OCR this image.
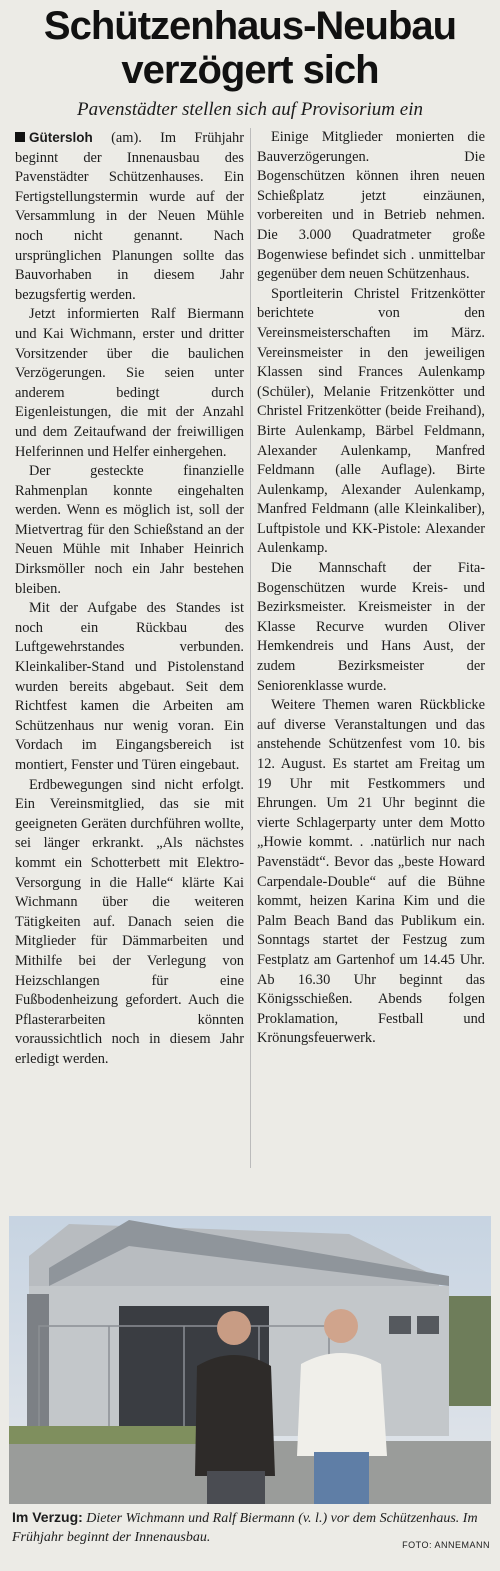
Schützenhaus-Neubau
verzögert sich
Pavenstädter stellen sich auf Provisorium ein

Gütersloh (am). Im Frühjahr beginnt der Innenausbau des Pavenstädter Schützenhauses. Ein Fertigstellungstermin wurde auf der Versammlung in der Neuen Mühle noch nicht genannt. Nach ursprünglichen Planungen sollte das Bauvorhaben in diesem Jahr bezugsfertig werden.

Jetzt informierten Ralf Biermann und Kai Wichmann, erster und dritter Vorsitzender über die baulichen Verzögerungen. Sie seien unter anderem bedingt durch Eigenleistungen, die mit der Anzahl und dem Zeitaufwand der freiwilligen Helferinnen und Helfer einhergehen.

Der gesteckte finanzielle Rahmenplan konnte eingehalten werden. Wenn es möglich ist, soll der Mietvertrag für den Schießstand an der Neuen Mühle mit Inhaber Heinrich Dirksmöller noch ein Jahr bestehen bleiben.

Mit der Aufgabe des Standes ist noch ein Rückbau des Luftgewehrstandes verbunden. Kleinkaliber-Stand und Pistolenstand wurden bereits abgebaut. Seit dem Richtfest kamen die Arbeiten am Schützenhaus nur wenig voran. Ein Vordach im Eingangsbereich ist montiert, Fenster und Türen eingebaut.

Erdbewegungen sind nicht erfolgt. Ein Vereinsmitglied, das sie mit geeigneten Geräten durchführen wollte, sei länger erkrankt. „Als nächstes kommt ein Schotterbett mit Elektro-Versorgung in die Halle“ klärte Kai Wichmann über die weiteren Tätigkeiten auf. Danach seien die Mitglieder für Dämmarbeiten und Mithilfe bei der Verlegung von Heizschlangen für eine Fußbodenheizung gefordert. Auch die Pflasterarbeiten könnten voraussichtlich noch in diesem Jahr erledigt werden.

Einige Mitglieder monierten die Bauverzögerungen. Die Bogenschützen können ihren neuen Schießplatz jetzt einzäunen, vorbereiten und in Betrieb nehmen. Die 3.000 Quadratmeter große Bogenwiese befindet sich . unmittelbar gegenüber dem neuen Schützenhaus.

Sportleiterin Christel Fritzenkötter berichtete von den Vereinsmeisterschaften im März. Vereinsmeister in den jeweiligen Klassen sind Frances Aulenkamp (Schüler), Melanie Fritzenkötter und Christel Fritzenkötter (beide Freihand), Birte Aulenkamp, Bärbel Feldmann, Alexander Aulenkamp, Manfred Feldmann (alle Auflage). Birte Aulenkamp, Alexander Aulenkamp, Manfred Feldmann (alle Kleinkaliber), Luftpistole und KK-Pistole: Alexander Aulenkamp.

Die Mannschaft der Fita-Bogenschützen wurde Kreis- und Bezirksmeister. Kreismeister in der Klasse Recurve wurden Oliver Hemkendreis und Hans Aust, der zudem Bezirksmeister der Seniorenklasse wurde.

Weitere Themen waren Rückblicke auf diverse Veranstaltungen und das anstehende Schützenfest vom 10. bis 12. August. Es startet am Freitag um 19 Uhr mit Festkommers und Ehrungen. Um 21 Uhr beginnt die vierte Schlagerparty unter dem Motto „Howie kommt. . .natürlich nur nach Pavenstädt“. Bevor das „beste Howard Carpendale-Double“ auf die Bühne kommt, heizen Karina Kim und die Palm Beach Band das Publikum ein. Sonntags startet der Festzug zum Festplatz am Gartenhof um 14.45 Uhr. Ab 16.30 Uhr beginnt das Königsschießen. Abends folgen Proklamation, Festball und Krönungsfeuerwerk.

Im Verzug: Dieter Wichmann und Ralf Biermann (v. l.) vor dem Schützenhaus. Im Frühjahr beginnt der Innenausbau.	FOTO: ANNEMANN
